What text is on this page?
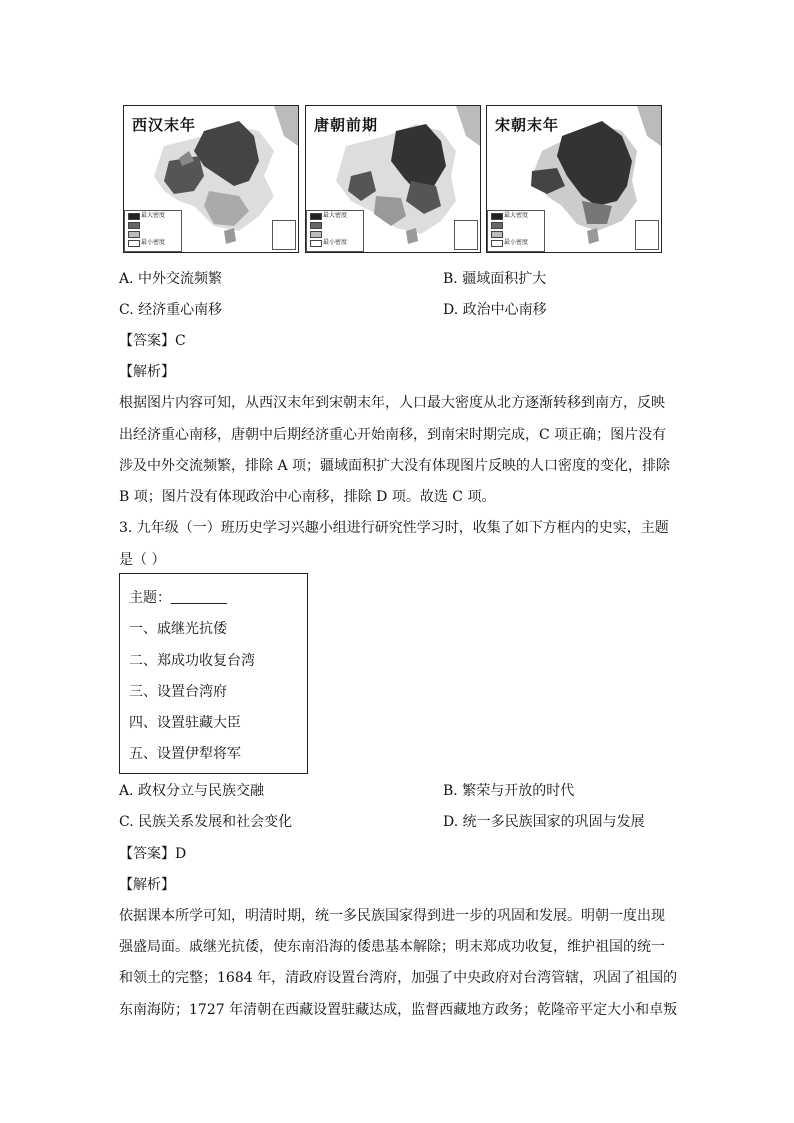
西汉末年
最大密度
最小密度
唐朝前期
最大密度
最小密度
宋朝末年
最大密度
最小密度
A. 中外交流频繁	B. 疆域面积扩大
C. 经济重心南移	D. 政治中心南移
【答案】C
【解析】
根据图片内容可知，从西汉末年到宋朝末年，人口最大密度从北方逐渐转移到南方，反映
出经济重心南移，唐朝中后期经济重心开始南移，到南宋时期完成，C 项正确；图片没有
涉及中外交流频繁，排除 A 项；疆域面积扩大没有体现图片反映的人口密度的变化，排除
B 项；图片没有体现政治中心南移，排除 D 项。故选 C 项。
3. 九年级（一）班历史学习兴趣小组进行研究性学习时，收集了如下方框内的史实，主题
是（ ）
主题：
一、戚继光抗倭
二、郑成功收复台湾
三、设置台湾府
四、设置驻藏大臣
五、设置伊犁将军
A. 政权分立与民族交融	B. 繁荣与开放的时代
C. 民族关系发展和社会变化	D. 统一多民族国家的巩固与发展
【答案】D
【解析】
依据课本所学可知，明清时期，统一多民族国家得到进一步的巩固和发展。明朝一度出现
强盛局面。戚继光抗倭，使东南沿海的倭患基本解除；明末郑成功收复，维护祖国的统一
和领土的完整；1684 年，清政府设置台湾府，加强了中央政府对台湾管辖，巩固了祖国的
东南海防；1727 年清朝在西藏设置驻藏达成，监督西藏地方政务；乾隆帝平定大小和卓叛
